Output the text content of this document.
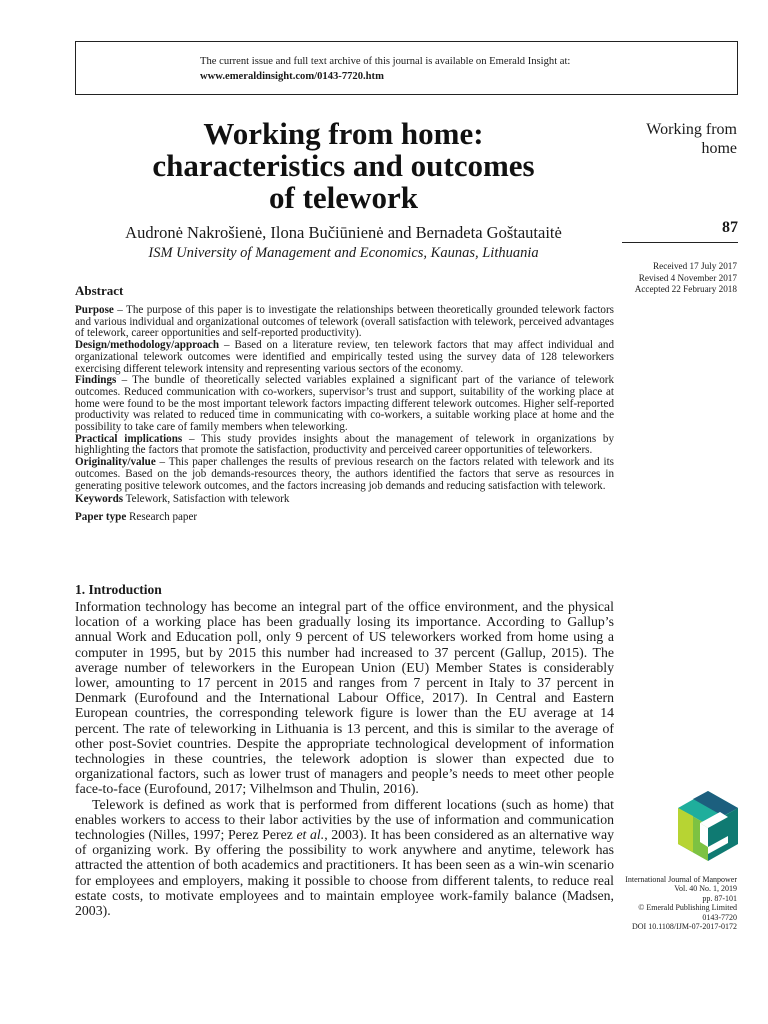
The current issue and full text archive of this journal is available on Emerald Insight at:
www.emeraldinsight.com/0143-7720.htm
Working from home:
characteristics and outcomes
of telework
Audronė Nakrošienė, Ilona Bučiūnienė and Bernadeta Goštautaitė
ISM University of Management and Economics, Kaunas, Lithuania
Working from
home
87
Received 17 July 2017
Revised 4 November 2017
Accepted 22 February 2018
Abstract

Purpose – The purpose of this paper is to investigate the relationships between theoretically grounded telework factors and various individual and organizational outcomes of telework (overall satisfaction with telework, perceived advantages of telework, career opportunities and self-reported productivity).

Design/methodology/approach – Based on a literature review, ten telework factors that may affect individual and organizational telework outcomes were identified and empirically tested using the survey data of 128 teleworkers exercising different telework intensity and representing various sectors of the economy.

Findings – The bundle of theoretically selected variables explained a significant part of the variance of telework outcomes. Reduced communication with co-workers, supervisor’s trust and support, suitability of the working place at home were found to be the most important telework factors impacting different telework outcomes. Higher self-reported productivity was related to reduced time in communicating with co-workers, a suitable working place at home and the possibility to take care of family members when teleworking.

Practical implications – This study provides insights about the management of telework in organizations by highlighting the factors that promote the satisfaction, productivity and perceived career opportunities of teleworkers.

Originality/value – This paper challenges the results of previous research on the factors related with telework and its outcomes. Based on the job demands-resources theory, the authors identified the factors that serve as resources in generating positive telework outcomes, and the factors increasing job demands and reducing satisfaction with telework.

Keywords Telework, Satisfaction with telework

Paper type Research paper

1. Introduction

Information technology has become an integral part of the office environment, and the physical location of a working place has been gradually losing its importance. According to Gallup’s annual Work and Education poll, only 9 percent of US teleworkers worked from home using a computer in 1995, but by 2015 this number had increased to 37 percent (Gallup, 2015). The average number of teleworkers in the European Union (EU) Member States is considerably lower, amounting to 17 percent in 2015 and ranges from 7 percent in Italy to 37 percent in Denmark (Eurofound and the International Labour Office, 2017). In Central and Eastern European countries, the corresponding telework figure is lower than the EU average at 14 percent. The rate of teleworking in Lithuania is 13 percent, and this is similar to the average of other post-Soviet countries. Despite the appropriate technological development of information technologies in these countries, the telework adoption is slower than expected due to organizational factors, such as lower trust of managers and people’s needs to meet other people face-to-face (Eurofound, 2017; Vilhelmson and Thulin, 2016).

Telework is defined as work that is performed from different locations (such as home) that enables workers to access to their labor activities by the use of information and communication technologies (Nilles, 1997; Perez Perez et al., 2003). It has been considered as an alternative way of organizing work. By offering the possibility to work anywhere and anytime, telework has attracted the attention of both academics and practitioners. It has been seen as a win-win scenario for employees and employers, making it possible to choose from different talents, to reduce real estate costs, to motivate employees and to maintain employee work-family balance (Madsen, 2003).

International Journal of Manpower
Vol. 40 No. 1, 2019
pp. 87-101
© Emerald Publishing Limited
0143-7720
DOI 10.1108/IJM-07-2017-0172
